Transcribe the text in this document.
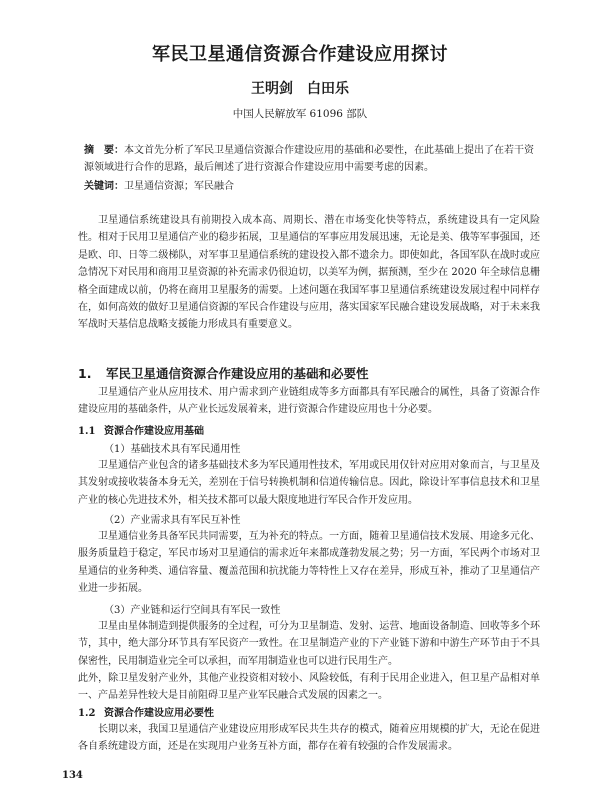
军民卫星通信资源合作建设应用探讨

王明剑　白田乐

中国人民解放军 61096 部队

摘　要：本文首先分析了军民卫星通信资源合作建设应用的基础和必要性，在此基础上提出了在若干资源领域进行合作的思路，最后阐述了进行资源合作建设应用中需要考虑的因素。

关键词：卫星通信资源；军民融合

卫星通信系统建设具有前期投入成本高、周期长、潜在市场变化快等特点，系统建设具有一定风险性。相对于民用卫星通信产业的稳步拓展，卫星通信的军事应用发展迅速，无论是美、俄等军事强国，还是欧、印、日等二级梯队，对军事卫星通信系统的建设投入都不遗余力。即使如此，各国军队在战时或应急情况下对民用和商用卫星资源的补充需求仍很迫切，以美军为例，据预测，至少在 2020 年全球信息栅格全面建成以前，仍将在商用卫星服务的需要。上述问题在我国军事卫星通信系统建设发展过程中同样存在，如何高效的做好卫星通信资源的军民合作建设与应用，落实国家军民融合建设发展战略，对于未来我军战时天基信息战略支援能力形成具有重要意义。

1. 军民卫星通信资源合作建设应用的基础和必要性

卫星通信产业从应用技术、用户需求到产业链组成等多方面都具有军民融合的属性，具备了资源合作建设应用的基础条件，从产业长远发展着来，进行资源合作建设应用也十分必要。

1.1 资源合作建设应用基础

（1）基础技术具有军民通用性

卫星通信产业包含的诸多基础技术多为军民通用性技术，军用或民用仅针对应用对象而言，与卫星及其发射或接收装备本身无关，差别在于信号转换机制和信道传输信息。因此，除设计军事信息技术和卫星产业的核心先进技术外，相关技术都可以最大限度地进行军民合作开发应用。

（2）产业需求具有军民互补性

卫星通信业务具备军民共同需要，互为补充的特点。一方面，随着卫星通信技术发展、用途多元化、服务质量趋于稳定，军民市场对卫星通信的需求近年来都成蓬勃发展之势；另一方面，军民两个市场对卫星通信的业务种类、通信容量、覆盖范围和抗扰能力等特性上又存在差异，形成互补，推动了卫星通信产业进一步拓展。

（3）产业链和运行空间具有军民一致性

卫星由星体制造到提供服务的全过程，可分为卫星制造、发射、运营、地面设备制造、回收等多个环节，其中，绝大部分环节具有军民资产一致性。在卫星制造产业的下产业链下游和中游生产环节由于不具保密性，民用制造业完全可以承担，而军用制造业也可以进行民用生产。

此外，除卫星发射产业外，其他产业投资相对较小、风险较低，有利于民用企业进入，但卫星产品相对单一、产品差异性较大是目前阻碍卫星产业军民融合式发展的因素之一。

1.2 资源合作建设应用必要性

长期以来，我国卫星通信产业建设应用形成军民共生共存的模式，随着应用规模的扩大，无论在促进各自系统建设方面，还是在实现用户业务互补方面，都存在着有较强的合作发展需求。

134
